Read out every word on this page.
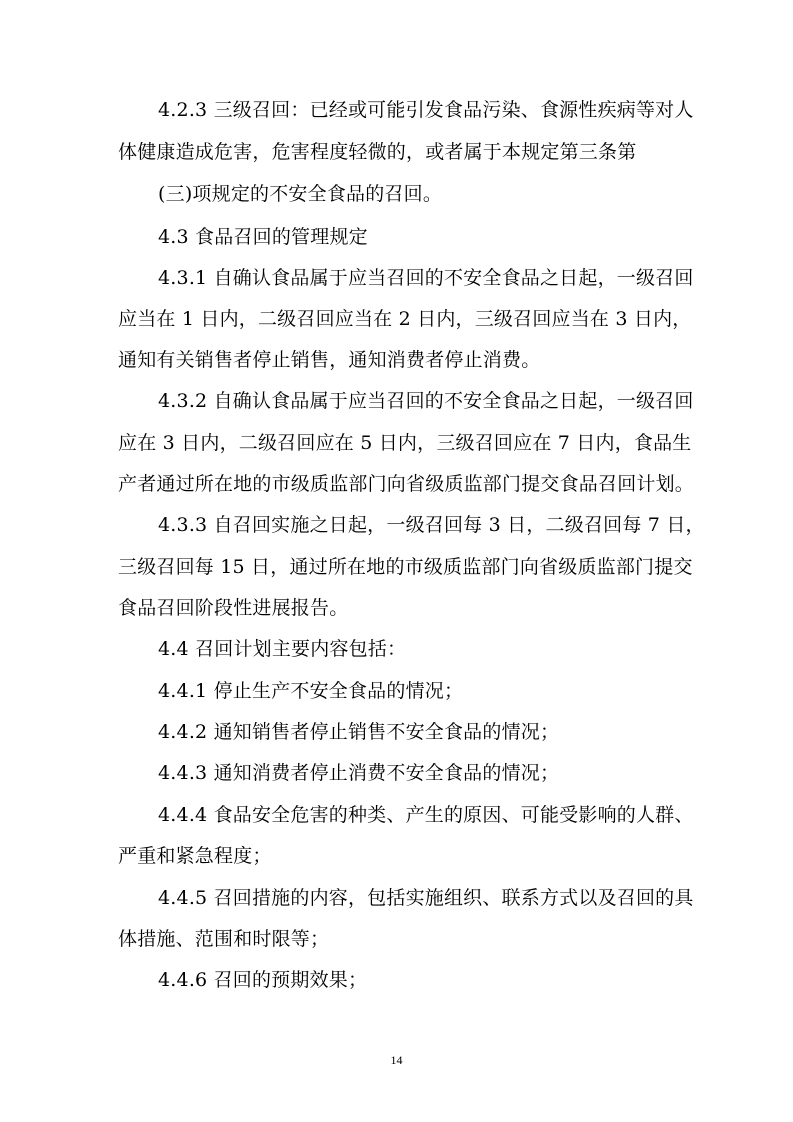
4.2.3 三级召回：已经或可能引发食品污染、食源性疾病等对人
体健康造成危害，危害程度轻微的，或者属于本规定第三条第
(三)项规定的不安全食品的召回。
4.3 食品召回的管理规定
4.3.1 自确认食品属于应当召回的不安全食品之日起，一级召回
应当在 1 日内，二级召回应当在 2 日内，三级召回应当在 3 日内，
通知有关销售者停止销售，通知消费者停止消费。
4.3.2 自确认食品属于应当召回的不安全食品之日起，一级召回
应在 3 日内，二级召回应在 5 日内，三级召回应在 7 日内，食品生
产者通过所在地的市级质监部门向省级质监部门提交食品召回计划。
4.3.3 自召回实施之日起，一级召回每 3 日，二级召回每 7 日，
三级召回每 15 日，通过所在地的市级质监部门向省级质监部门提交
食品召回阶段性进展报告。
4.4 召回计划主要内容包括：
4.4.1 停止生产不安全食品的情况；
4.4.2 通知销售者停止销售不安全食品的情况；
4.4.3 通知消费者停止消费不安全食品的情况；
4.4.4 食品安全危害的种类、产生的原因、可能受影响的人群、
严重和紧急程度；
4.4.5 召回措施的内容，包括实施组织、联系方式以及召回的具
体措施、范围和时限等；
4.4.6 召回的预期效果；
14
